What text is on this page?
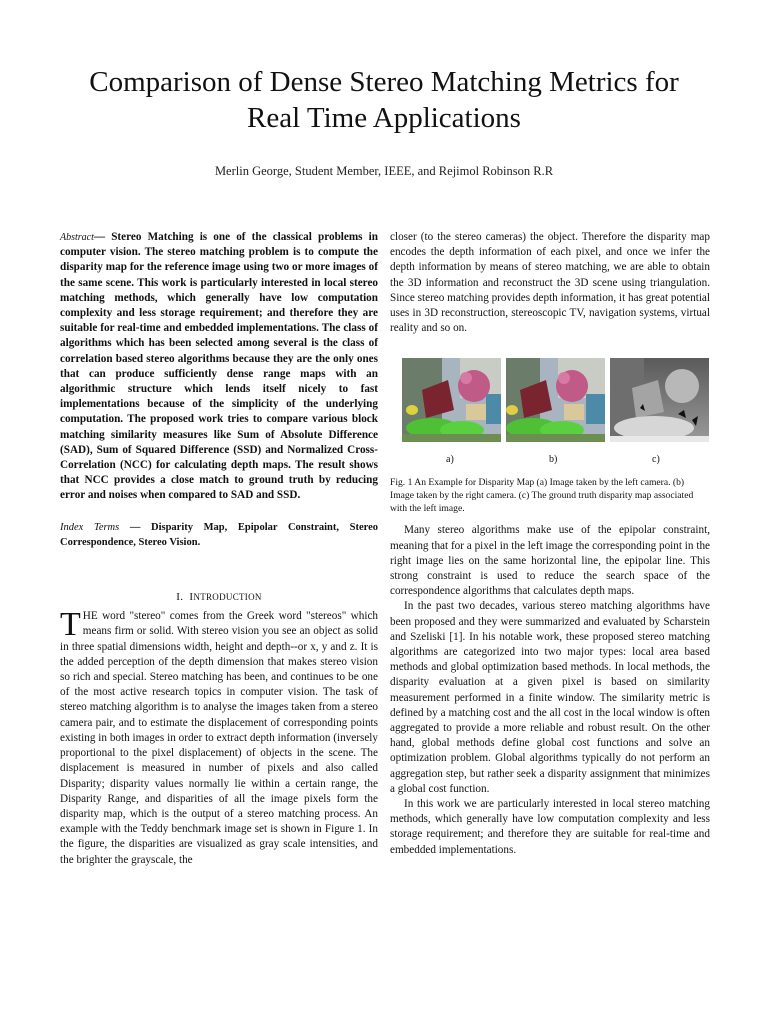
Comparison of Dense Stereo Matching Metrics for Real Time Applications
Merlin George, Student Member, IEEE, and Rejimol Robinson R.R
Abstract— Stereo Matching is one of the classical problems in computer vision. The stereo matching problem is to compute the disparity map for the reference image using two or more images of the same scene. This work is particularly interested in local stereo matching methods, which generally have low computation complexity and less storage requirement; and therefore they are suitable for real-time and embedded implementations. The class of algorithms which has been selected among several is the class of correlation based stereo algorithms because they are the only ones that can produce sufficiently dense range maps with an algorithmic structure which lends itself nicely to fast implementations because of the simplicity of the underlying computation. The proposed work tries to compare various block matching similarity measures like Sum of Absolute Difference (SAD), Sum of Squared Difference (SSD) and Normalized Cross-Correlation (NCC) for calculating depth maps. The result shows that NCC provides a close match to ground truth by reducing error and noises when compared to SAD and SSD.
Index Terms — Disparity Map, Epipolar Constraint, Stereo Correspondence, Stereo Vision.
I. INTRODUCTION
T HE word "stereo" comes from the Greek word "stereos" which means firm or solid. With stereo vision you see an object as solid in three spatial dimensions width, height and depth--or x, y and z. It is the added perception of the depth dimension that makes stereo vision so rich and special. Stereo matching has been, and continues to be one of the most active research topics in computer vision. The task of stereo matching algorithm is to analyse the images taken from a stereo camera pair, and to estimate the displacement of corresponding points existing in both images in order to extract depth information (inversely proportional to the pixel displacement) of objects in the scene. The displacement is measured in number of pixels and also called Disparity; disparity values normally lie within a certain range, the Disparity Range, and disparities of all the image pixels form the disparity map, which is the output of a stereo matching process. An example with the Teddy benchmark image set is shown in Figure 1. In the figure, the disparities are visualized as gray scale intensities, and the brighter the grayscale, the

closer (to the stereo cameras) the object. Therefore the disparity map encodes the depth information of each pixel, and once we infer the depth information by means of stereo matching, we are able to obtain the 3D information and reconstruct the 3D scene using triangulation. Since stereo matching provides depth information, it has great potential uses in 3D reconstruction, stereoscopic TV, navigation systems, virtual reality and so on.

a)	b)	c)
Fig. 1 An Example for Disparity Map (a) Image taken by the left camera. (b) Image taken by the right camera. (c) The ground truth disparity map associated with the left image.

Many stereo algorithms make use of the epipolar constraint, meaning that for a pixel in the left image the corresponding point in the right image lies on the same horizontal line, the epipolar line. This strong constraint is used to reduce the search space of the correspondence algorithms that calculates depth maps.

In the past two decades, various stereo matching algorithms have been proposed and they were summarized and evaluated by Scharstein and Szeliski [1]. In his notable work, these proposed stereo matching algorithms are categorized into two major types: local area based methods and global optimization based methods. In local methods, the disparity evaluation at a given pixel is based on similarity measurement performed in a finite window. The similarity metric is defined by a matching cost and the all cost in the local window is often aggregated to provide a more reliable and robust result. On the other hand, global methods define global cost functions and solve an optimization problem. Global algorithms typically do not perform an aggregation step, but rather seek a disparity assignment that minimizes a global cost function.

In this work we are particularly interested in local stereo matching methods, which generally have low computation complexity and less storage requirement; and therefore they are suitable for real-time and embedded implementations.
